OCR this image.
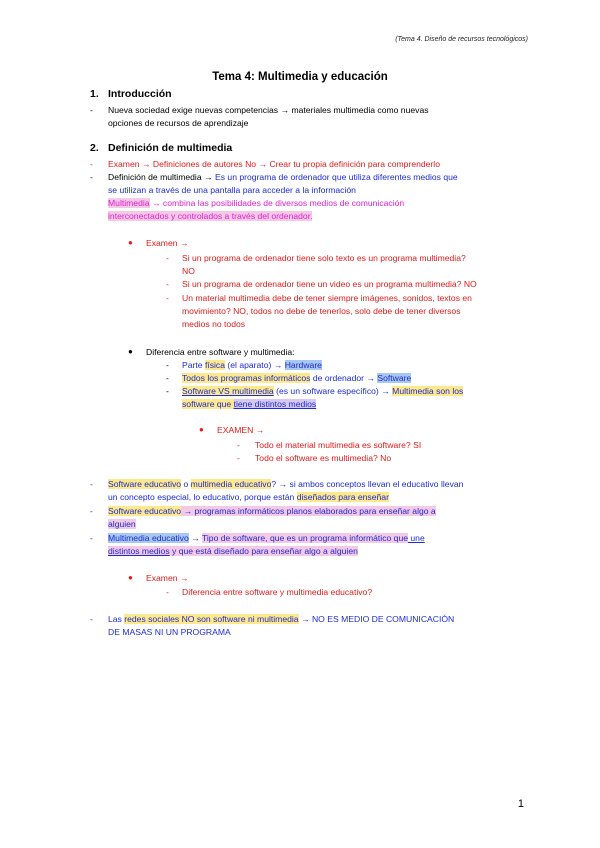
(Tema 4. Diseño de recursos tecnológicos)
Tema 4: Multimedia y educación
1. Introducción
- Nueva sociedad exige nuevas competencias → materiales multimedia como nuevas
opciones de recursos de aprendizaje
2. Definición de multimedia
- Examen → Definiciones de autores No → Crear tu propia definición para comprenderlo
- Definición de multimedia → Es un programa de ordenador que utiliza diferentes medios que
se utilizan a través de una pantalla para acceder a la información
Multimedia → combina las posibilidades de diversos medios de comunicación
interconectados y controlados a través del ordenador.
● Examen →
- Si un programa de ordenador tiene solo texto es un programa multimedia?
NO
- Si un programa de ordenador tiene un video es un programa multimedia? NO
- Un material multimedia debe de tener siempre imágenes, sonidos, textos en
movimiento? NO, todos no debe de tenerlos, solo debe de tener diversos
medios no todos
● Diferencia entre software y multimedia:
- Parte física (el aparato) → Hardware
- Todos los programas informáticos de ordenador → Software
- Software VS multimedia (es un software específico) → Multimedia son los
software que tiene distintos medios
● EXAMEN →
- Todo el material multimedia es software? SI
- Todo el software es multimedia? No
- Software educativo o multimedia educativo? → si ambos conceptos llevan el educativo llevan
un concepto especial, lo educativo, porque están diseñados para enseñar
- Software educativo → programas informáticos planos elaborados para enseñar algo a
alguien
- Multimedia educativo → Tipo de software, que es un programa informático que une
distintos medios y que está diseñado para enseñar algo a alguien
● Examen →
- Diferencia entre software y multimedia educativo?
- Las redes sociales NO son software ni multimedia → NO ES MEDIO DE COMUNICACIÓN
DE MASAS NI UN PROGRAMA
1
